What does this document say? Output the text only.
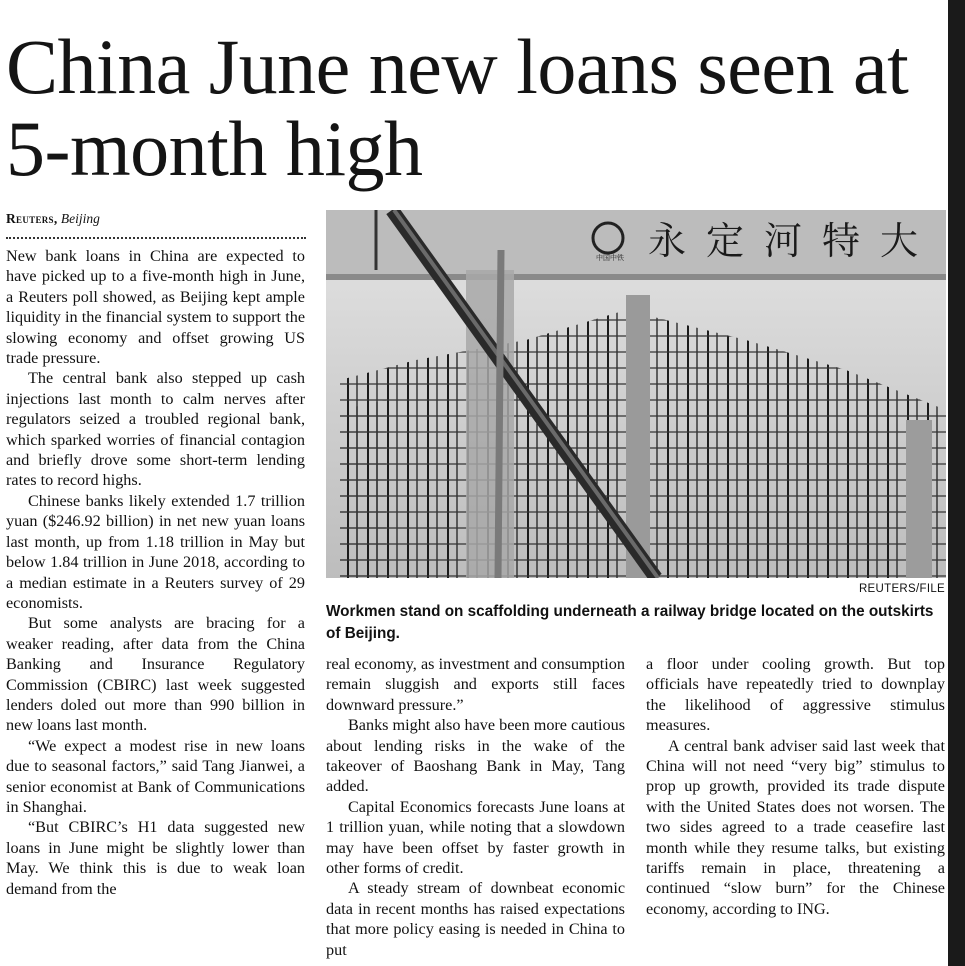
China June new loans seen at 5-month high
Reuters, Beijing

New bank loans in China are expected to have picked up to a five-month high in June, a Reuters poll showed, as Beijing kept ample liquidity in the financial system to support the slowing economy and offset growing US trade pressure.

The central bank also stepped up cash injections last month to calm nerves after regulators seized a troubled regional bank, which sparked worries of financial contagion and briefly drove some short-term lending rates to record highs.

Chinese banks likely extended 1.7 trillion yuan ($246.92 billion) in net new yuan loans last month, up from 1.18 trillion in May but below 1.84 trillion in June 2018, according to a median estimate in a Reuters survey of 29 economists.

But some analysts are bracing for a weaker reading, after data from the China Banking and Insurance Regulatory Commission (CBIRC) last week suggested lenders doled out more than 990 billion in new loans last month.

“We expect a modest rise in new loans due to seasonal factors,” said Tang Jianwei, a senior economist at Bank of Communications in Shanghai.

“But CBIRC’s H1 data suggested new loans in June might be slightly lower than May. We think this is due to weak loan demand from the

中国中铁 永定河特大
REUTERS/FILE
Workmen stand on scaffolding underneath a railway bridge located on the outskirts of Beijing.

real economy, as investment and consumption remain sluggish and exports still faces downward pressure.”

Banks might also have been more cautious about lending risks in the wake of the takeover of Baoshang Bank in May, Tang added.

Capital Economics forecasts June loans at 1 trillion yuan, while noting that a slowdown may have been offset by faster growth in other forms of credit.

A steady stream of downbeat economic data in recent months has raised expectations that more policy easing is needed in China to put

a floor under cooling growth. But top officials have repeatedly tried to downplay the likelihood of aggressive stimulus measures.

A central bank adviser said last week that China will not need “very big” stimulus to prop up growth, provided its trade dispute with the United States does not worsen. The two sides agreed to a trade ceasefire last month while they resume talks, but existing tariffs remain in place, threatening a continued “slow burn” for the Chinese economy, according to ING.
